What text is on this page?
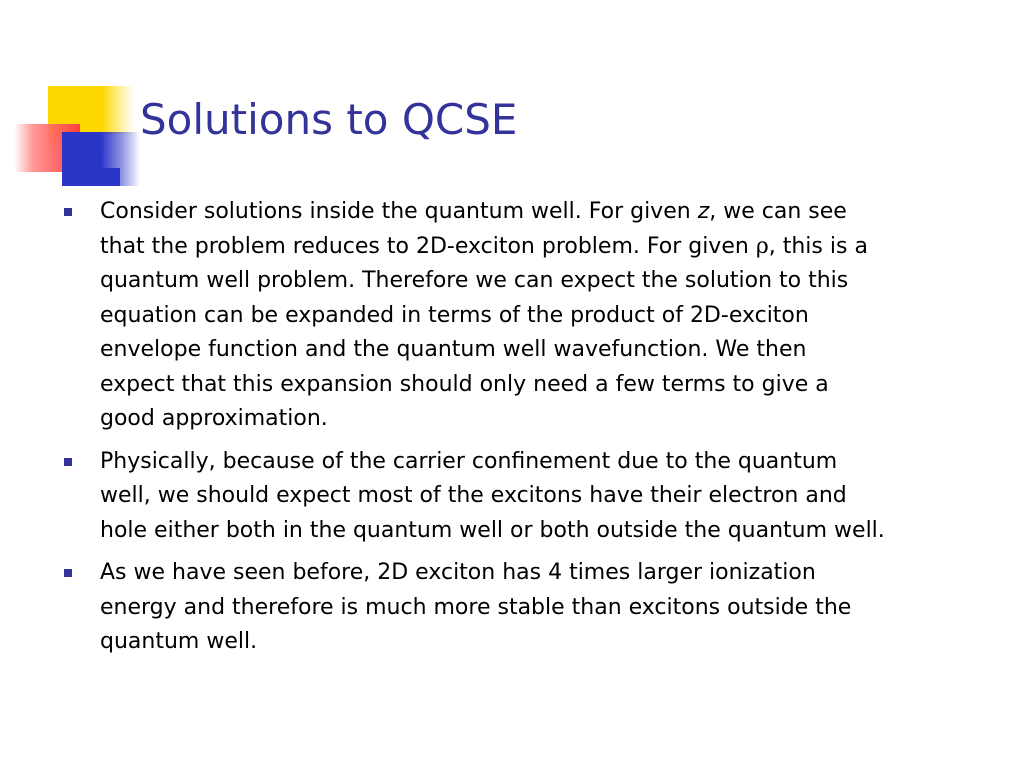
Solutions to QCSE
Consider solutions inside the quantum well. For given z, we can see
that the problem reduces to 2D-exciton problem. For given ρ, this is a
quantum well problem. Therefore we can expect the solution to this
equation can be expanded in terms of the product of 2D-exciton
envelope function and the quantum well wavefunction. We then
expect that this expansion should only need a few terms to give a
good approximation.
Physically, because of the carrier confinement due to the quantum
well, we should expect most of the excitons have their electron and
hole either both in the quantum well or both outside the quantum well.
As we have seen before, 2D exciton has 4 times larger ionization
energy and therefore is much more stable than excitons outside the
quantum well.
